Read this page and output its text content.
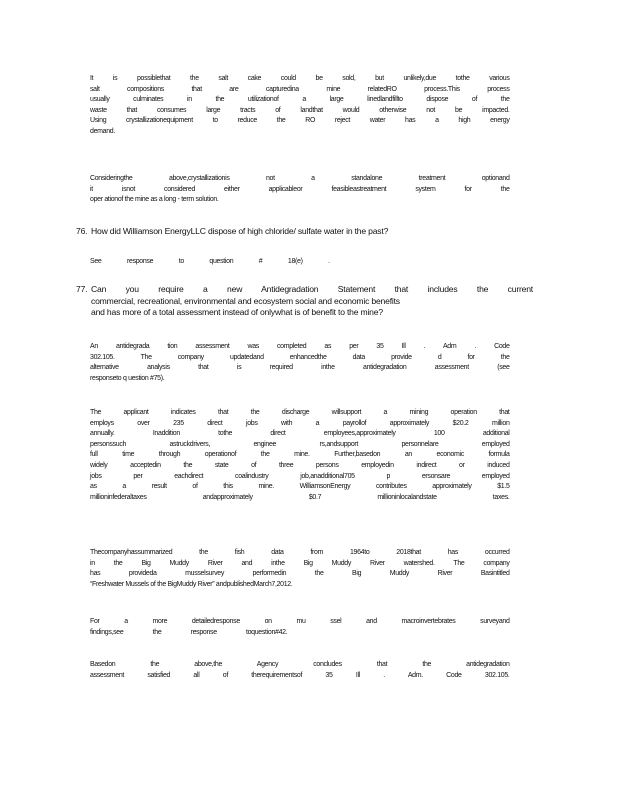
It is possiblethat the salt cake could be sold, but unlikely,due tothe various
salt compositions that are capturedina mine relatedRO process.This process
usually culminates in the utilizationof a large linedlandfillto dispose of the
waste that consumes large tracts of landthat would otherwise not be impacted.
Using crystallizationequipment to reduce the RO reject water has a high energy
demand.
Consideringthe above,crystallizationis not a standalone treatment optionand
it isnot considered either applicableor feasibleastreatment system for the
oper ationof the mine as a long - term solution.
76. How did Williamson EnergyLLC dispose of high chloride/ sulfate water in the past?
See response to question # 18(e) .
77. Can you require a new Antidegradation Statement that includes the current
commercial, recreational, environmental and ecosystem social and economic benefits
and has more of a total assessment instead of onlywhat is of benefit to the mine?
An antidegrada tion assessment was completed as per 35 Ill . Adm . Code
302.105. The company updatedand enhancedthe data provide d for the
alternative analysis that is required inthe antidegradation assessment (see
responseto q uestion #75).
The applicant indicates that the discharge willsupport a mining operation that
employs over 235 direct jobs with a payrollof approximately $20.2 million
annually. Inaddition tothe direct employees,approximately 100 additional
personssuch astruckdrivers, enginee rs,andsupport personnelare employed
full time through operationof the mine. Further,basedon an economic formula
widely acceptedin the state of three persons employedin indirect or induced
jobs per eachdirect coalindustry job,anadditional705 p ersonsare employed
as a result of this mine. WilliamsonEnergy contributes approximately $1.5
millioninfederaltaxes andapproximately $0.7 millioninlocalandstate taxes.
Thecompanyhassummarized the fish data from 1964to 2018that has occurred
in the Big Muddy River and inthe Big Muddy River watershed. The company
has provideda musselsurvey performedin the Big Muddy River Basintitled
“Freshwater Mussels of the BigMuddy River” andpublishedMarch7,2012.
For a more detailedresponse on mu ssel and macroinvertebrates surveyand
findings,see the response toquestion#42.
Basedon the above,the Agency concludes that the antidegradation
assessment satisfied all of therequirementsof 35 Ill . Adm. Code 302.105.
